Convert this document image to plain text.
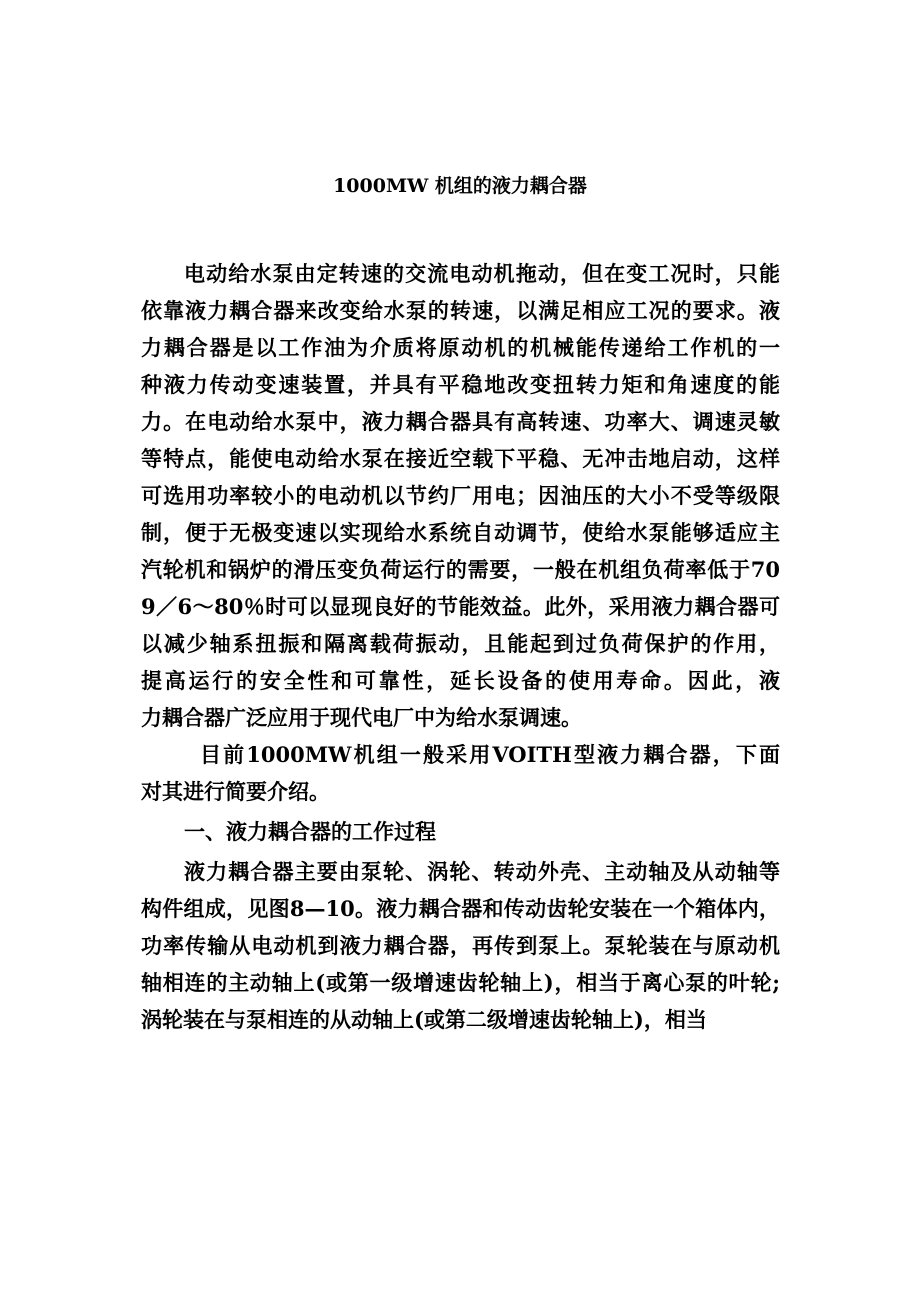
1000MW 机组的液力耦合器
电动给水泵由定转速的交流电动机拖动，但在变工况时，只能
依靠液力耦合器来改变给水泵的转速，以满足相应工况的要求。液
力耦合器是以工作油为介质将原动机的机械能传递给工作机的一
种液力传动变速装置，并具有平稳地改变扭转力矩和角速度的能
力。在电动给水泵中，液力耦合器具有高转速、功率大、调速灵敏
等特点，能使电动给水泵在接近空载下平稳、无冲击地启动，这样
可选用功率较小的电动机以节约厂用电；因油压的大小不受等级限
制，便于无极变速以实现给水系统自动调节，使给水泵能够适应主
汽轮机和锅炉的滑压变负荷运行的需要，一般在机组负荷率低于70
9／6～80％时可以显现良好的节能效益。此外，采用液力耦合器可
以减少轴系扭振和隔离载荷振动，且能起到过负荷保护的作用，
提高运行的安全性和可靠性，延长设备的使用寿命。因此，液
力耦合器广泛应用于现代电厂中为给水泵调速。
目前1000MW机组一般采用VOITH型液力耦合器，下面
对其进行简要介绍。
一、液力耦合器的工作过程
液力耦合器主要由泵轮、涡轮、转动外壳、主动轴及从动轴等
构件组成，见图8—10。液力耦合器和传动齿轮安装在一个箱体内，
功率传输从电动机到液力耦合器，再传到泵上。泵轮装在与原动机
轴相连的主动轴上(或第一级增速齿轮轴上)，相当于离心泵的叶轮;
涡轮装在与泵相连的从动轴上(或第二级增速齿轮轴上)，相当
